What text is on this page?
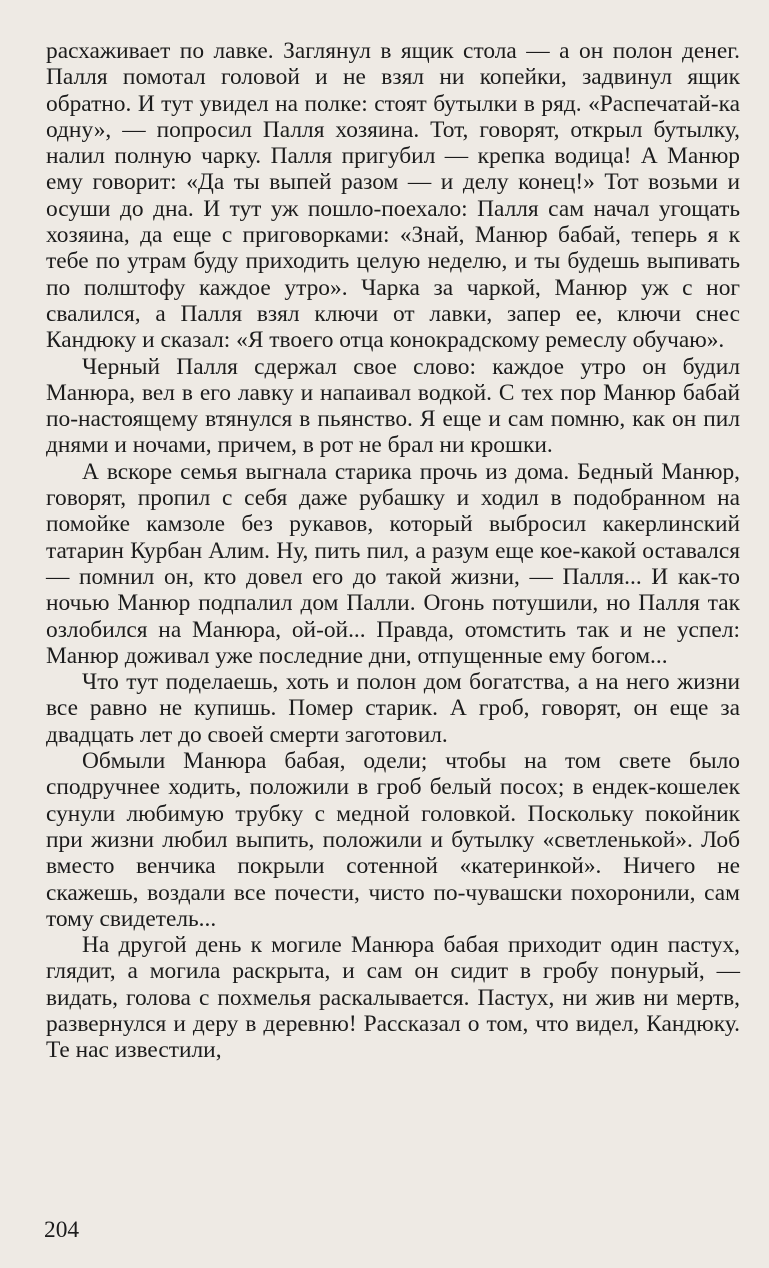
расхаживает по лавке. Заглянул в ящик стола — а он полон денег. Палля помотал головой и не взял ни копейки, задвинул ящик обратно. И тут увидел на полке: стоят бутылки в ряд. «Распечатай-ка одну», — попросил Палля хозяина. Тот, говорят, открыл бутылку, налил полную чарку. Палля пригубил — крепка водица! А Манюр ему говорит: «Да ты выпей разом — и делу конец!» Тот возьми и осуши до дна. И тут уж пошло-поехало: Палля сам начал угощать хозяина, да еще с приговорками: «Знай, Манюр бабай, теперь я к тебе по утрам буду приходить целую неделю, и ты будешь выпивать по полштофу каждое утро». Чарка за чаркой, Манюр уж с ног свалился, а Палля взял ключи от лавки, запер ее, ключи снес Кандюку и сказал: «Я твоего отца конокрадскому ремеслу обучаю».

Черный Палля сдержал свое слово: каждое утро он будил Манюра, вел в его лавку и напаивал водкой. С тех пор Манюр бабай по-настоящему втянулся в пьянство. Я еще и сам помню, как он пил днями и ночами, причем, в рот не брал ни крошки.

А вскоре семья выгнала старика прочь из дома. Бедный Манюр, говорят, пропил с себя даже рубашку и ходил в подобранном на помойке камзоле без рукавов, который выбросил какерлинский татарин Курбан Алим. Ну, пить пил, а разум еще кое-какой оставался — помнил он, кто довел его до такой жизни, — Палля... И как-то ночью Манюр подпалил дом Палли. Огонь потушили, но Палля так озлобился на Манюра, ой-ой... Правда, отомстить так и не успел: Манюр доживал уже последние дни, отпущенные ему богом...

Что тут поделаешь, хоть и полон дом богатства, а на него жизни все равно не купишь. Помер старик. А гроб, говорят, он еще за двадцать лет до своей смерти заготовил.

Обмыли Манюра бабая, одели; чтобы на том свете было сподручнее ходить, положили в гроб белый посох; в ендек-кошелек сунули любимую трубку с медной головкой. Поскольку покойник при жизни любил выпить, положили и бутылку «светленькой». Лоб вместо венчика покрыли сотенной «катеринкой». Ничего не скажешь, воздали все почести, чисто по-чувашски похоронили, сам тому свидетель...

На другой день к могиле Манюра бабая приходит один пастух, глядит, а могила раскрыта, и сам он сидит в гробу понурый, — видать, голова с похмелья раскалывается. Пастух, ни жив ни мертв, развернулся и деру в деревню! Рассказал о том, что видел, Кандюку. Те нас известили,

204
